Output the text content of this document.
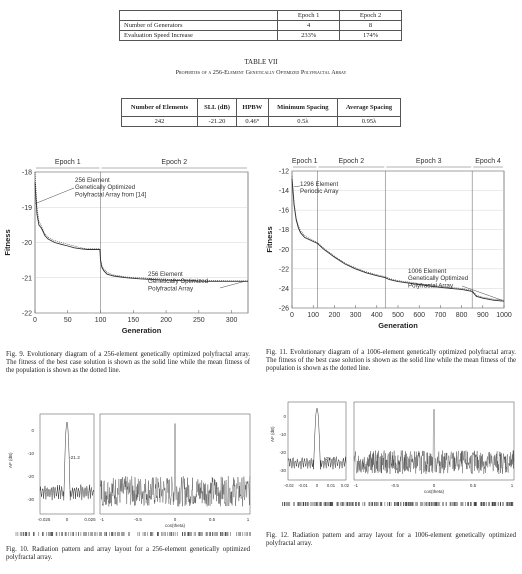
	Epoch 1	Epoch 2
Number of Generators	4	8
Evaluation Speed Increase	233%	174%
TABLE VII
Properties of a 256-Element Genetically Optimized Polyfractal Array
Number of Elements	SLL (dB)	HPBW	Minimum Spacing	Average Spacing
242	-21.20	0.46°	0.5λ	0.95λ
-18
-19
-20
-21
-22
0	50	100	150	200	250	300
Epoch 1	Epoch 2
Generation
Fitness
256 Element Genetically Optimized Polyfractal Array from [14]
256 Element Genetically Optimized Polyfractal Array
-12
-14
-16
-18
-20
-22
-24
-26
0 100 200 300 400 500 600 700 800 900 1000
Epoch 1	Epoch 2	Epoch 3	Epoch 4
Generation
Fitness
1296 Element Periodic Array
1006 Element Genetically Optimized Polyfractal Array
Fig. 9. Evolutionary diagram of a 256-element genetically optimized polyfractal array. The fitness of the best case solution is shown as the solid line while the mean fitness of the population is shown as the dotted line.
Fig. 11. Evolutionary diagram of a 1006-element genetically optimized polyfractal array. The fitness of the best case solution is shown as the solid line while the mean fitness of the population is shown as the dotted line.
AF (dB)
0
-10
-20
-30
-21.2
-0.025	0	0.025 -1	-0.5	0	0.5	1
cos(theta)
AF (dB)
0
-10
-20
-30
-25.4
-0.02 -0.01 0 0.01 0.02 -1	-0.5	0	0.5	1
cos(theta)
Fig. 10. Radiation pattern and array layout for a 256-element genetically optimized polyfractal array.
Fig. 12. Radiation pattern and array layout for a 1006-element genetically optimized polyfractal array.
